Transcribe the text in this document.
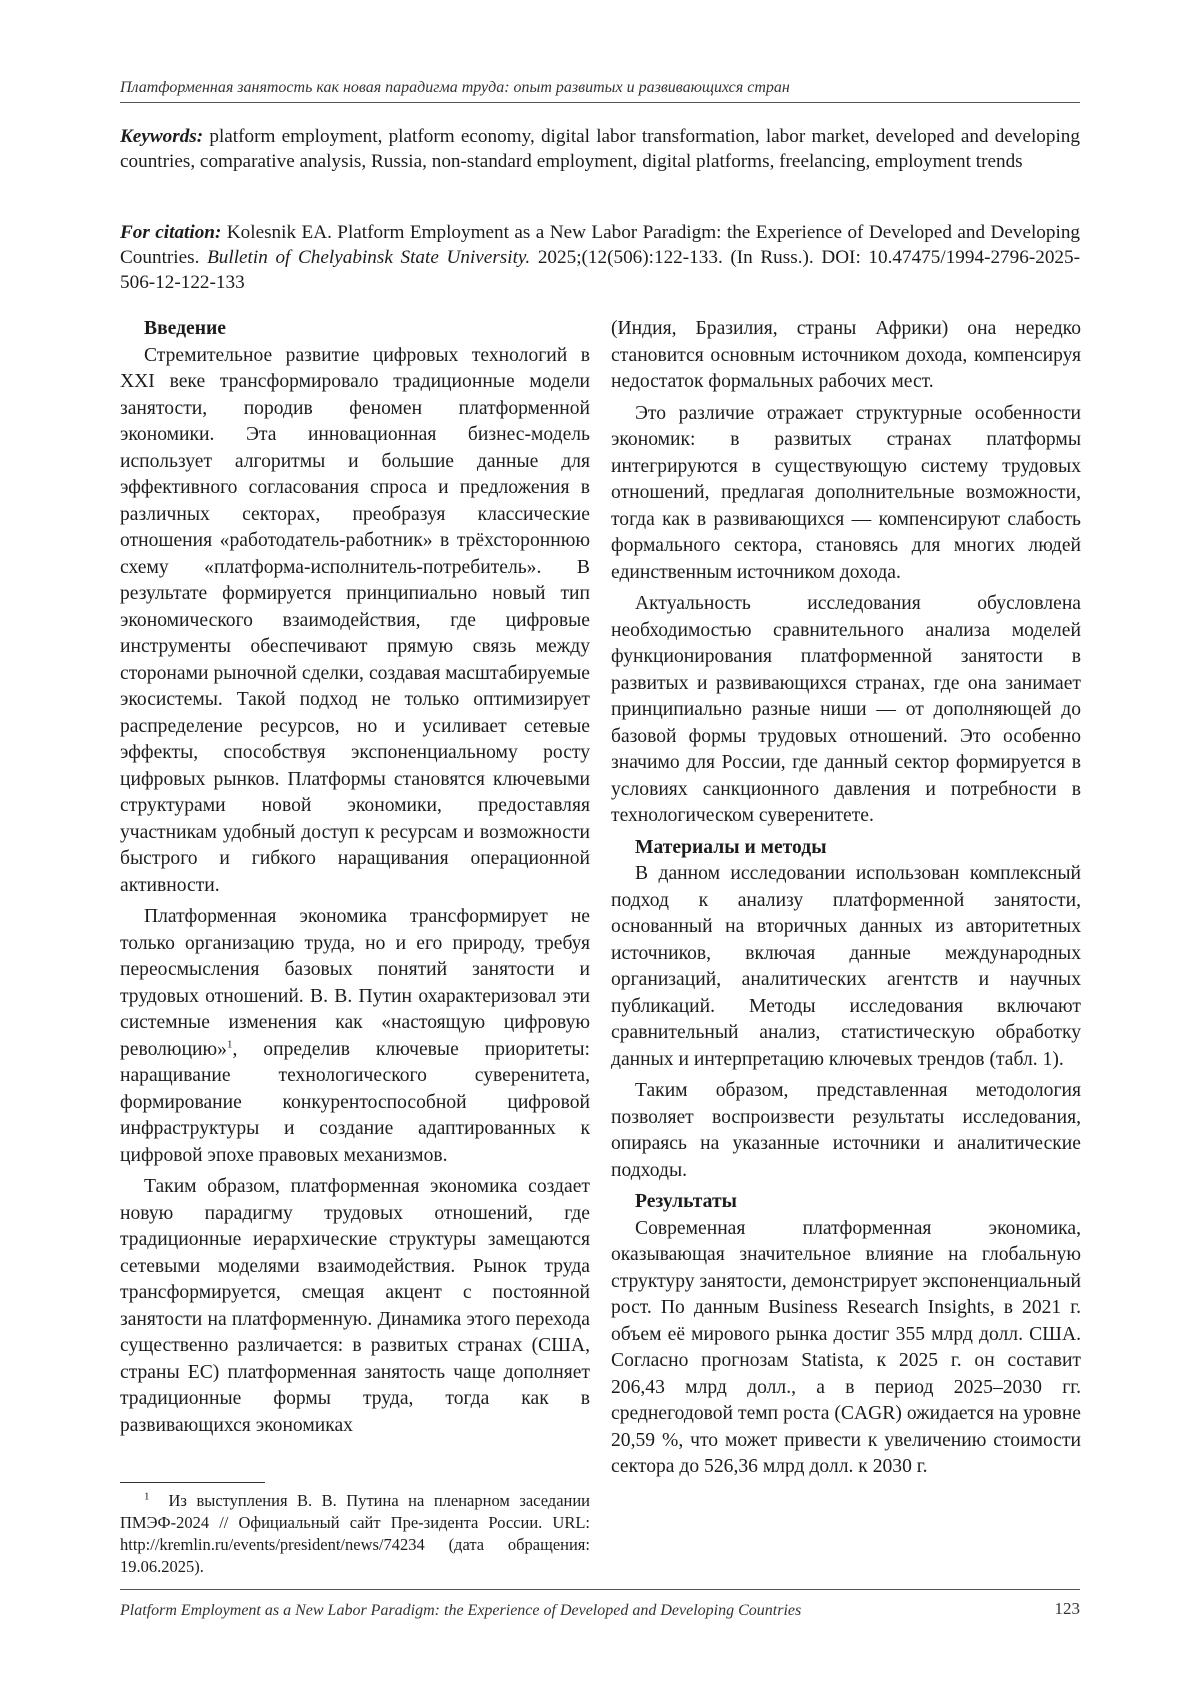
Платформенная занятость как новая парадигма труда: опыт развитых и развивающихся стран
Keywords: platform employment, platform economy, digital labor transformation, labor market, developed and developing countries, comparative analysis, Russia, non-standard employment, digital platforms, freelancing, employment trends
For citation: Kolesnik EA. Platform Employment as a New Labor Paradigm: the Experience of Developed and Developing Countries. Bulletin of Chelyabinsk State University. 2025;(12(506):122-133. (In Russ.). DOI: 10.47475/1994-2796-2025-506-12-122-133
Введение

Стремительное развитие цифровых технологий в XXI веке трансформировало традиционные модели занятости, породив феномен платформенной экономики. Эта инновационная бизнес-модель использует алгоритмы и большие данные для эффективного согласования спроса и предложения в различных секторах, преобразуя классические отношения «работодатель-работник» в трёхстороннюю схему «платформа-исполнитель-потребитель». В результате формируется принципиально новый тип экономического взаимодействия, где цифровые инструменты обеспечивают прямую связь между сторонами рыночной сделки, создавая масштабируемые экосистемы. Такой подход не только оптимизирует распределение ресурсов, но и усиливает сетевые эффекты, способствуя экспоненциальному росту цифровых рынков. Платформы становятся ключевыми структурами новой экономики, предоставляя участникам удобный доступ к ресурсам и возможности быстрого и гибкого наращивания операционной активности.

Платформенная экономика трансформирует не только организацию труда, но и его природу, требуя переосмысления базовых понятий занятости и трудовых отношений. В. В. Путин охарактеризовал эти системные изменения как «настоящую цифровую революцию»$^1$, определив ключевые приоритеты: наращивание технологического суверенитета, формирование конкурентоспособной цифровой инфраструктуры и создание адаптированных к цифровой эпохе правовых механизмов.

Таким образом, платформенная экономика создает новую парадигму трудовых отношений, где традиционные иерархические структуры замещаются сетевыми моделями взаимодействия. Рынок труда трансформируется, смещая акцент с постоянной занятости на платформенную. Динамика этого перехода существенно различается: в развитых странах (США, страны ЕС) платформенная занятость чаще дополняет традиционные формы труда, тогда как в развивающихся экономиках

$^1$ Из выступления В. В. Путина на пленарном заседании ПМЭФ-2024 // Официальный сайт Пре-зидента России. URL: http://kremlin.ru/events/president/news/74234 (дата обращения: 19.06.2025).

(Индия, Бразилия, страны Африки) она нередко становится основным источником дохода, компенсируя недостаток формальных рабочих мест.

Это различие отражает структурные особенности экономик: в развитых странах платформы интегрируются в существующую систему трудовых отношений, предлагая дополнительные возможности, тогда как в развивающихся — компенсируют слабость формального сектора, становясь для многих людей единственным источником дохода.

Актуальность исследования обусловлена необходимостью сравнительного анализа моделей функционирования платформенной занятости в развитых и развивающихся странах, где она занимает принципиально разные ниши — от дополняющей до базовой формы трудовых отношений. Это особенно значимо для России, где данный сектор формируется в условиях санкционного давления и потребности в технологическом суверенитете.

Материалы и методы

В данном исследовании использован комплексный подход к анализу платформенной занятости, основанный на вторичных данных из авторитетных источников, включая данные международных организаций, аналитических агентств и научных публикаций. Методы исследования включают сравнительный анализ, статистическую обработку данных и интерпретацию ключевых трендов (табл. 1).

Таким образом, представленная методология позволяет воспроизвести результаты исследования, опираясь на указанные источники и аналитические подходы.

Результаты

Современная платформенная экономика, оказывающая значительное влияние на глобальную структуру занятости, демонстрирует экспоненциальный рост. По данным Business Research Insights, в 2021 г. объем её мирового рынка достиг 355 млрд долл. США. Согласно прогнозам Statista, к 2025 г. он составит 206,43 млрд долл., а в период 2025–2030 гг. среднегодовой темп роста (CAGR) ожидается на уровне 20,59 %, что может привести к увеличению стоимости сектора до 526,36 млрд долл. к 2030 г.

Platform Employment as a New Labor Paradigm: the Experience of Developed and Developing Countries	123
